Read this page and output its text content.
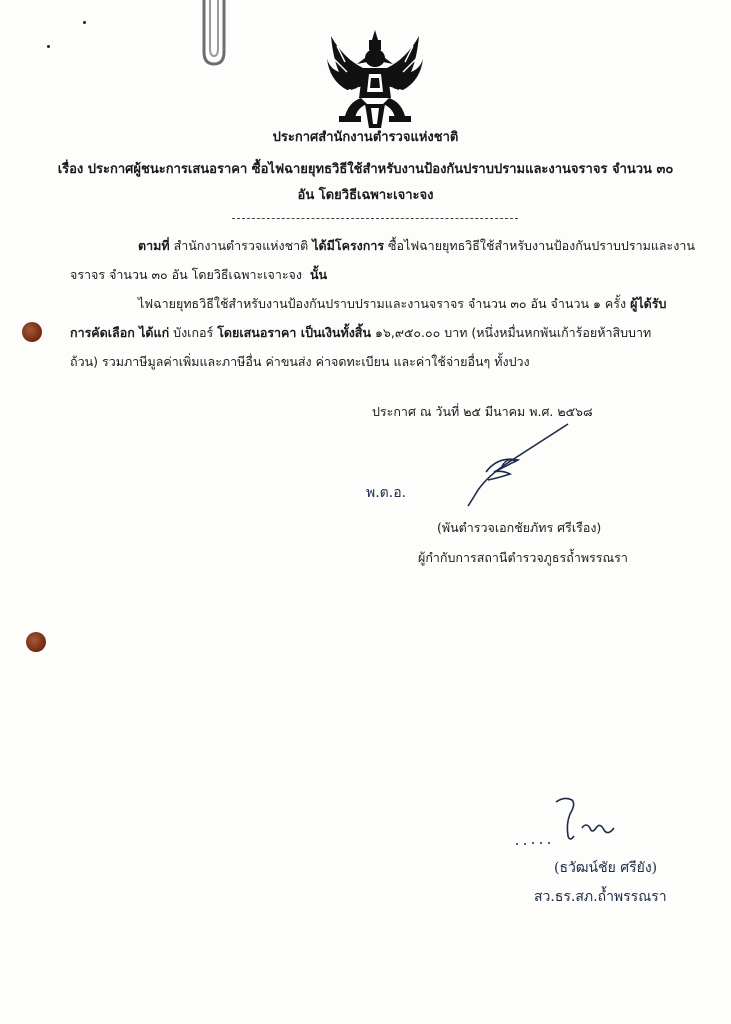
ประกาศสำนักงานตำรวจแห่งชาติ
เรื่อง ประกาศผู้ชนะการเสนอราคา ซื้อไฟฉายยุทธวิธีใช้สำหรับงานป้องกันปราบปรามและงานจราจร จำนวน ๓๐
อัน โดยวิธีเฉพาะเจาะจง
ตามที่ สำนักงานตำรวจแห่งชาติ ได้มีโครงการ ซื้อไฟฉายยุทธวิธีใช้สำหรับงานป้องกันปราบปรามและงาน
จราจร จำนวน ๓๐ อัน โดยวิธีเฉพาะเจาะจง นั้น
ไฟฉายยุทธวิธีใช้สำหรับงานป้องกันปราบปรามและงานจราจร จำนวน ๓๐ อัน จำนวน ๑ ครั้ง ผู้ได้รับ
การคัดเลือก ได้แก่ บังเกอร์ โดยเสนอราคา เป็นเงินทั้งสิ้น ๑๖,๙๕๐.๐๐ บาท (หนึ่งหมื่นหกพันเก้าร้อยห้าสิบบาท
ถ้วน) รวมภาษีมูลค่าเพิ่มและภาษีอื่น ค่าขนส่ง ค่าจดทะเบียน และค่าใช้จ่ายอื่นๆ ทั้งปวง
ประกาศ ณ วันที่ ๒๕ มีนาคม พ.ศ. ๒๕๖๘
พ.ต.อ.
(พันตำรวจเอกชัยภัทร ศรีเรือง)
ผู้กำกับการสถานีตำรวจภูธรถ้ำพรรณรา
(ธวัฒน์ชัย ศรียัง)
สว.ธร.สภ.ถ้ำพรรณรา
